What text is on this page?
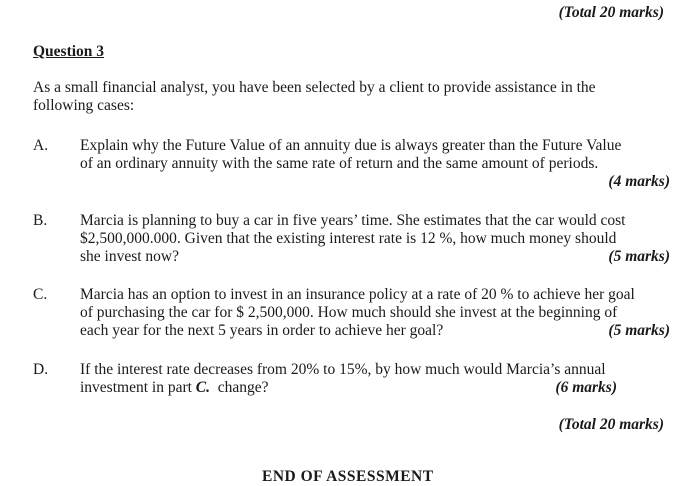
(Total 20 marks)
Question 3
As a small financial analyst, you have been selected by a client to provide assistance in the
following cases:
A. Explain why the Future Value of an annuity due is always greater than the Future Value
of an ordinary annuity with the same rate of return and the same amount of periods.
(4 marks)
B. Marcia is planning to buy a car in five years’ time. She estimates that the car would cost
$2,500,000.000. Given that the existing interest rate is 12 %, how much money should
she invest now?	(5 marks)
C. Marcia has an option to invest in an insurance policy at a rate of 20 % to achieve her goal
of purchasing the car for $ 2,500,000. How much should she invest at the beginning of
each year for the next 5 years in order to achieve her goal?	(5 marks)
D. If the interest rate decreases from 20% to 15%, by how much would Marcia’s annual
investment in part C.  change?	(6 marks)
(Total 20 marks)
END OF ASSESSMENT
